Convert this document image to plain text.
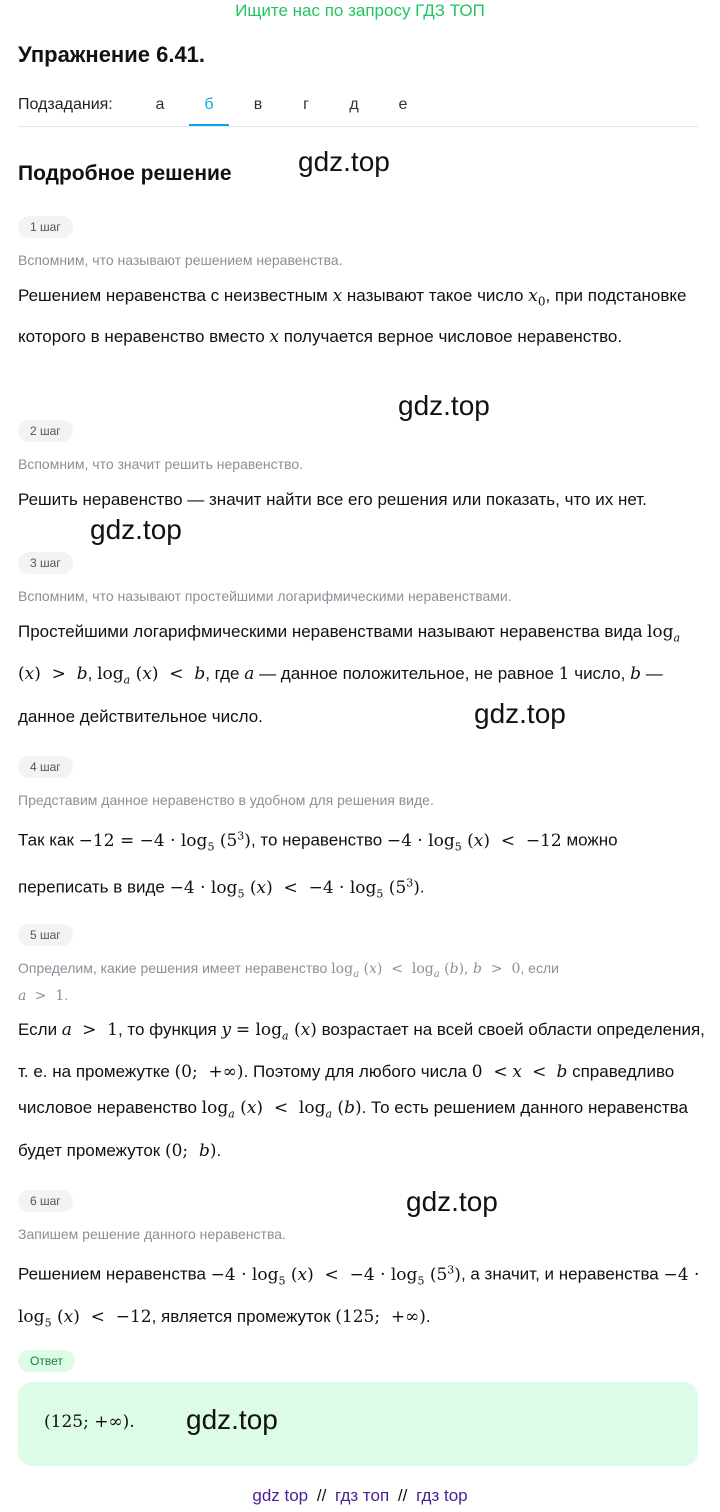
Ищите нас по запросу ГДЗ ТОП
Упражнение 6.41.
Подзадания:	а	б	в	г	д	е
Подробное решение gdz.top
gdz.top
gdz.top
gdz.top
gdz.top
1 шаг
Вспомним, что называют решением неравенства.
Решением неравенства с неизвестным x называют такое число $x_0$, при подстановке которого в неравенство вместо x получается верное числовое неравенство.
2 шаг
Вспомним, что значит решить неравенство.
Решить неравенство — значит найти все его решения или показать, что их нет.
3 шаг
Вспомним, что называют простейшими логарифмическими неравенствами.
Простейшими логарифмическими неравенствами называют неравенства вида $\log_a (x) > b$, $\log_a (x) < b$, где a — данное положительное, не равное 1 число, b — данное действительное число.
4 шаг
Представим данное неравенство в удобном для решения виде.
Так как $-12 = -4 \cdot \log_5 (5^3)$, то неравенство $-4 \cdot \log_5 (x) < -12$ можно переписать в виде $-4 \cdot \log_5 (x) < -4 \cdot \log_5 (5^3)$.
5 шаг
Определим, какие решения имеет неравенство $\log_a (x) < \log_a (b)$, b  >  0, если
a  >  1.
Если a  >  1, то функция $y = \log_a (x)$ возрастает на всей своей области определения, т. е. на промежутке (0;  +∞). Поэтому для любого числа 0  < x  <  b справедливо числовое неравенство $\log_a (x) < \log_a (b)$. То есть решением данного неравенства будет промежуток (0;  b).
6 шаг
Запишем решение данного неравенства.
Решением неравенства $-4 \cdot \log_5 (x) < -4 \cdot \log_5 (5^3)$, а значит, и неравенства $-4 \cdot \log_5 (x) < -12$, является промежуток (125;  +∞).
Ответ
(125; +∞). gdz.top
gdz top // гдз топ // гдз top
